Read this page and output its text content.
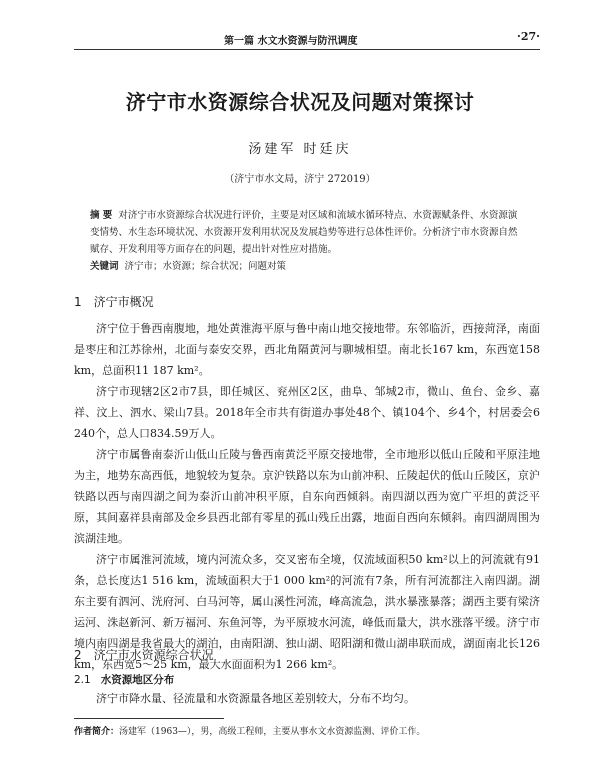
第一篇 水文水资源与防汛调度	·27·
济宁市水资源综合状况及问题对策探讨
汤建军 时廷庆
（济宁市水文局，济宁 272019）
摘 要 对济宁市水资源综合状况进行评价，主要是对区域和流域水循环特点、水资源赋条件、水资源演变情势、水生态环境状况、水资源开发利用状况及发展趋势等进行总体性评价。分析济宁市水资源自然赋存、开发利用等方面存在的问题，提出针对性应对措施。
关键词 济宁市；水资源；综合状况；问题对策
1 济宁市概况

济宁位于鲁西南腹地，地处黄淮海平原与鲁中南山地交接地带。东邻临沂，西接菏泽，南面是枣庄和江苏徐州，北面与泰安交界，西北角隔黄河与聊城相望。南北长167 km，东西宽158 km，总面积11 187 km²。

济宁市现辖2区2市7县，即任城区、兖州区2区，曲阜、邹城2市，微山、鱼台、金乡、嘉祥、汶上、泗水、梁山7县。2018年全市共有街道办事处48个、镇104个、乡4个，村居委会6 240个，总人口834.59万人。

济宁市属鲁南泰沂山低山丘陵与鲁西南黄泛平原交接地带，全市地形以低山丘陵和平原洼地为主，地势东高西低，地貌较为复杂。京沪铁路以东为山前冲积、丘陵起伏的低山丘陵区，京沪铁路以西与南四湖之间为泰沂山前冲积平原，自东向西倾斜。南四湖以西为宽广平坦的黄泛平原，其间嘉祥县南部及金乡县西北部有零星的孤山残丘出露，地面自西向东倾斜。南四湖周围为滨湖洼地。

济宁市属淮河流域，境内河流众多，交叉密布全境，仅流域面积50 km²以上的河流就有91条，总长度达1 516 km，流域面积大于1 000 km²的河流有7条，所有河流都注入南四湖。湖东主要有泗河、洸府河、白马河等，属山溪性河流，峰高流急，洪水暴涨暴落；湖西主要有梁济运河、洙赵新河、新万福河、东鱼河等，为平原坡水河流，峰低而量大，洪水涨落平缓。济宁市境内南四湖是我省最大的湖泊，由南阳湖、独山湖、昭阳湖和微山湖串联而成，湖面南北长126 km，东西宽5～25 km，最大水面面积为1 266 km²。

2 济宁市水资源综合状况
2.1 水资源地区分布

济宁市降水量、径流量和水资源量各地区差别较大，分布不均匀。

作者简介：汤建军（1963—），男，高级工程师，主要从事水文水资源监测、评价工作。
